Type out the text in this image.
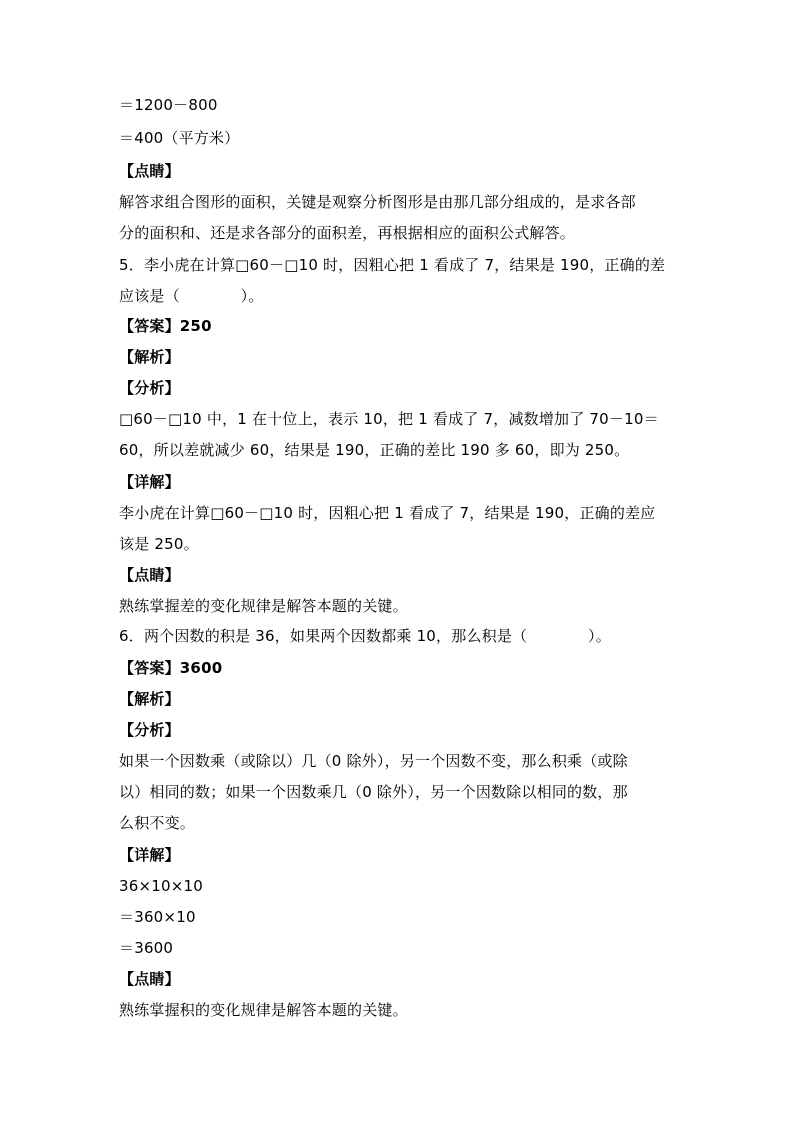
＝1200－800
＝400（平方米）
【点睛】
解答求组合图形的面积，关键是观察分析图形是由那几部分组成的，是求各部
分的面积和、还是求各部分的面积差，再根据相应的面积公式解答。
5．李小虎在计算□60－□10 时，因粗心把 1 看成了 7，结果是 190，正确的差
应该是（　　　　）。
【答案】250
【解析】
【分析】
□60－□10 中，1 在十位上，表示 10，把 1 看成了 7，减数增加了 70－10＝
60，所以差就减少 60，结果是 190，正确的差比 190 多 60，即为 250。
【详解】
李小虎在计算□60－□10 时，因粗心把 1 看成了 7，结果是 190，正确的差应
该是 250。
【点睛】
熟练掌握差的变化规律是解答本题的关键。
6．两个因数的积是 36，如果两个因数都乘 10，那么积是（　　　　）。
【答案】3600
【解析】
【分析】
如果一个因数乘（或除以）几（0 除外），另一个因数不变，那么积乘（或除
以）相同的数；如果一个因数乘几（0 除外），另一个因数除以相同的数，那
么积不变。
【详解】
36×10×10
＝360×10
＝3600
【点睛】
熟练掌握积的变化规律是解答本题的关键。
